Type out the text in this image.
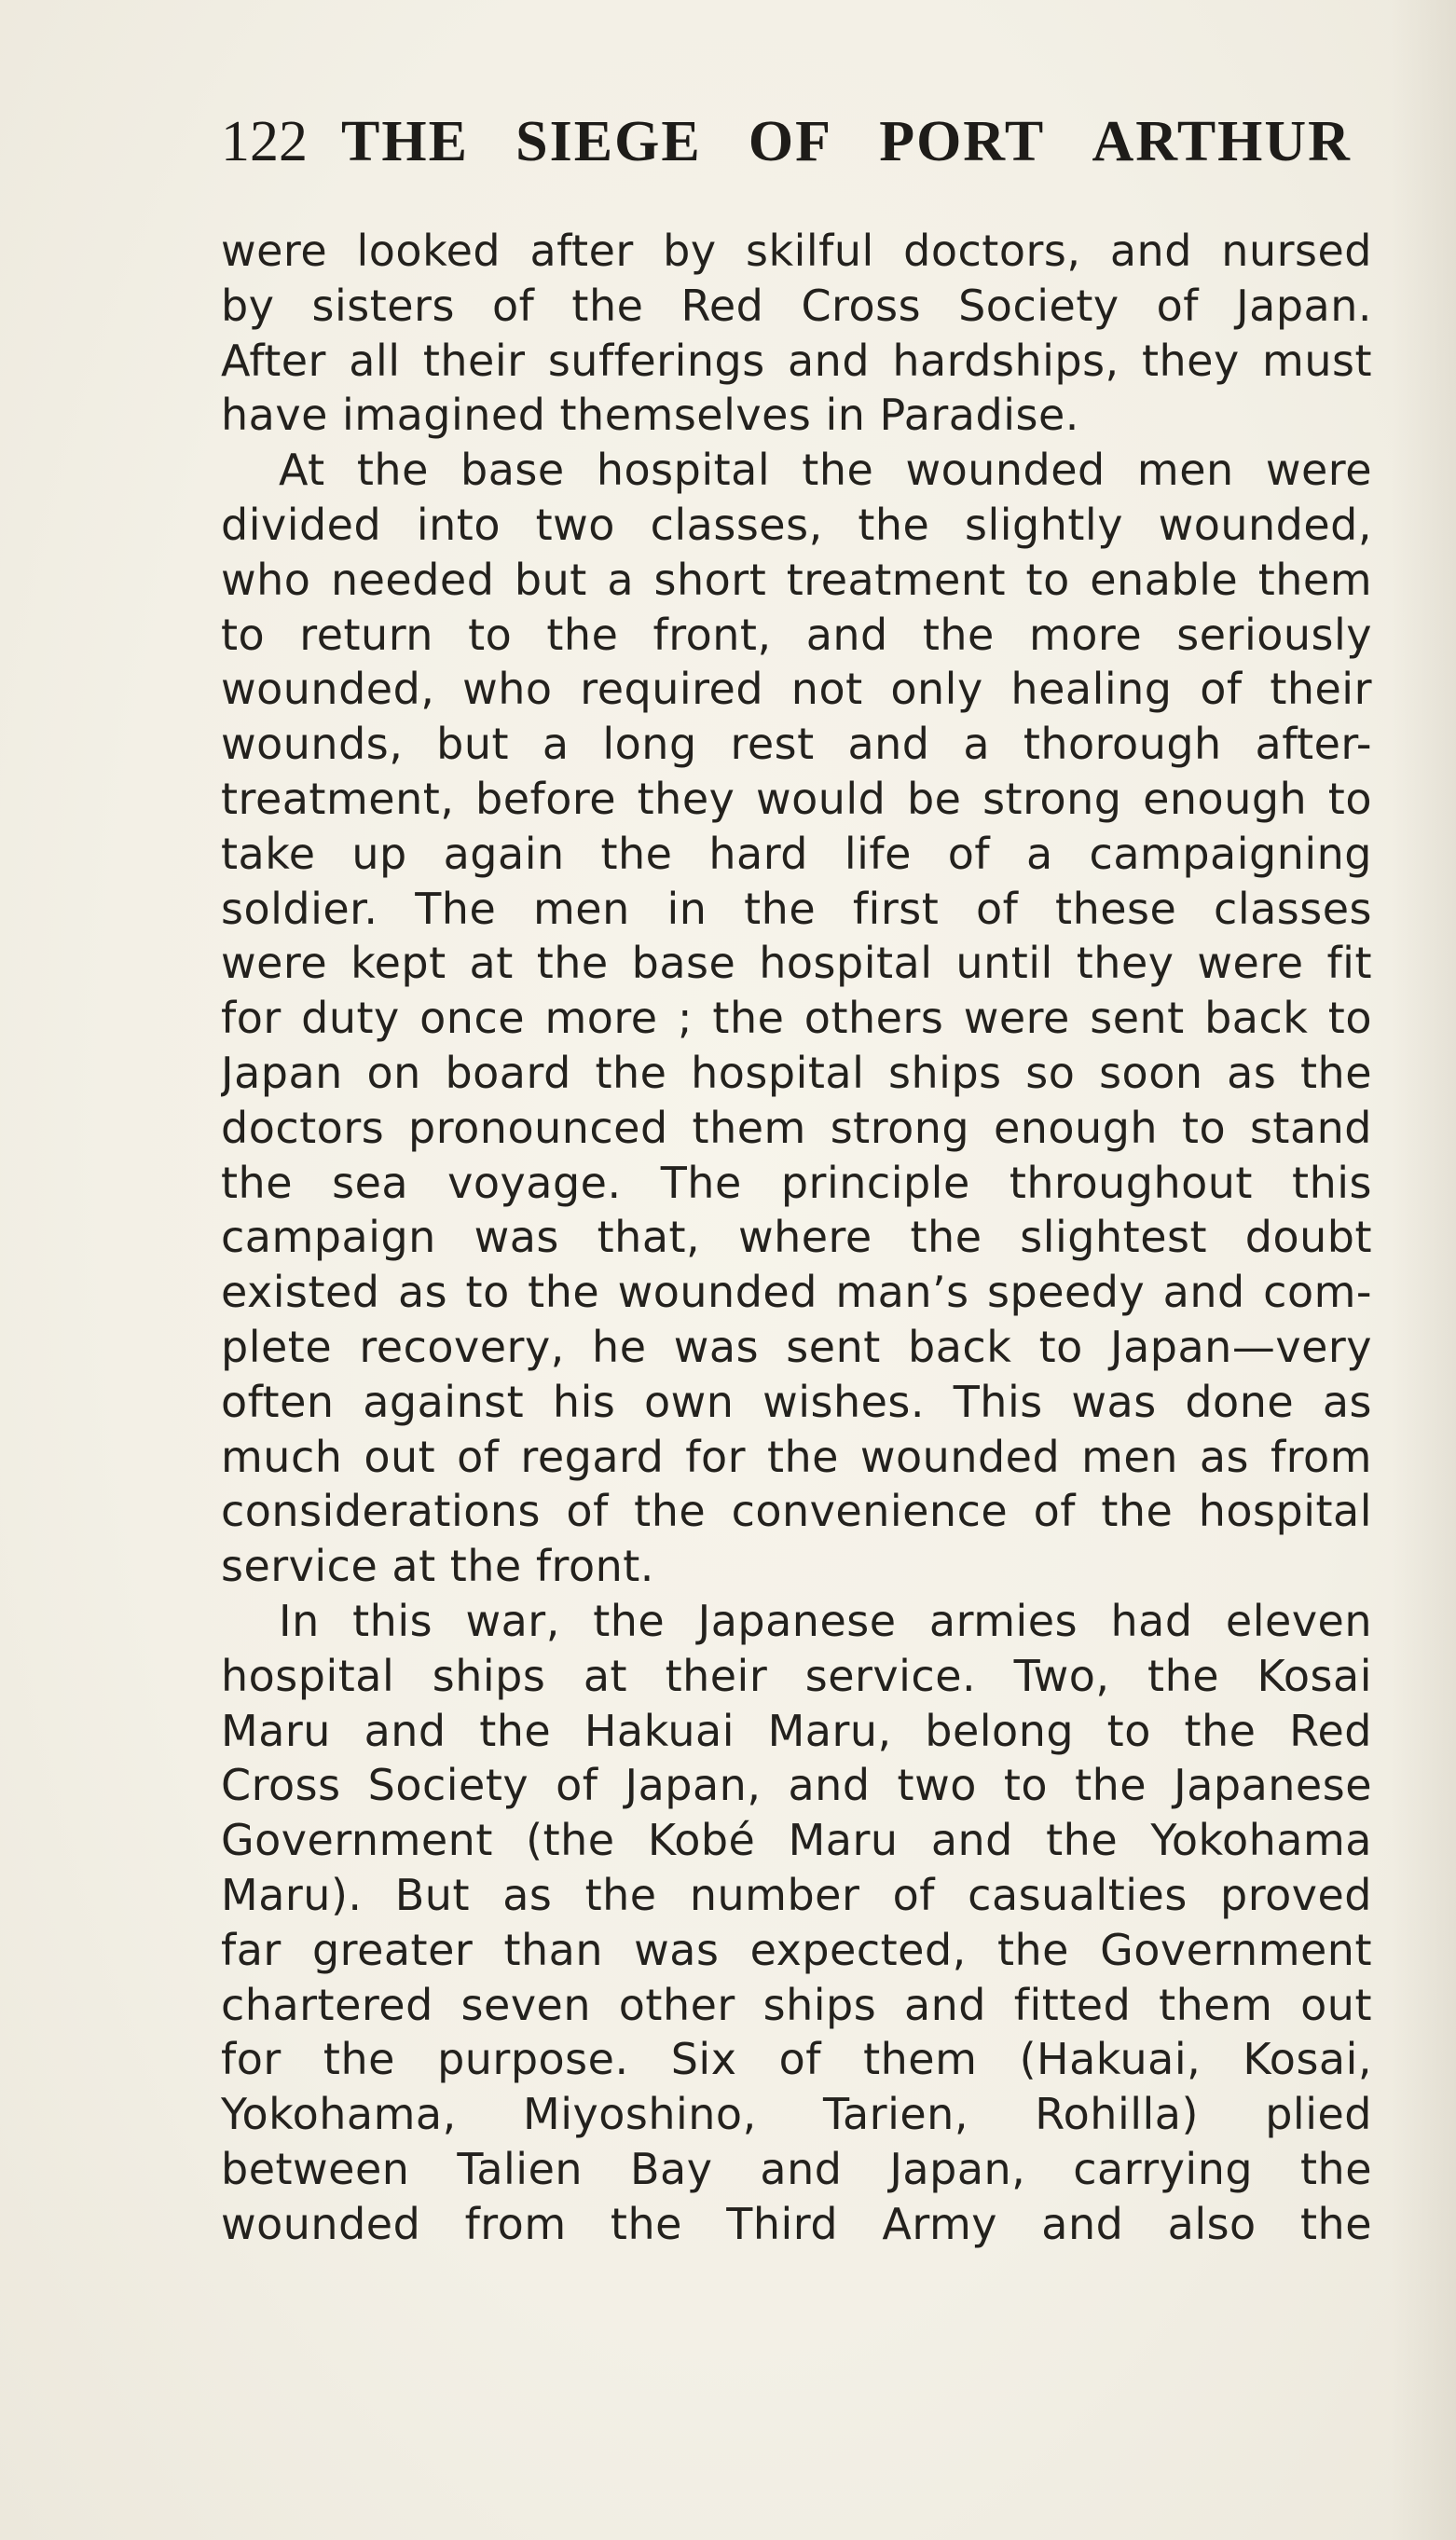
122 THE SIEGE OF PORT ARTHUR
were looked after by skilful doctors, and nursed
by sisters of the Red Cross Society of Japan.
After all their sufferings and hardships, they must
have imagined themselves in Paradise.
At the base hospital the wounded men were
divided into two classes, the slightly wounded,
who needed but a short treatment to enable them
to return to the front, and the more seriously
wounded, who required not only healing of their
wounds, but a long rest and a thorough after-
treatment, before they would be strong enough to
take up again the hard life of a campaigning
soldier. The men in the first of these classes
were kept at the base hospital until they were fit
for duty once more ; the others were sent back to
Japan on board the hospital ships so soon as the
doctors pronounced them strong enough to stand
the sea voyage. The principle throughout this
campaign was that, where the slightest doubt
existed as to the wounded man’s speedy and com-
plete recovery, he was sent back to Japan—very
often against his own wishes. This was done as
much out of regard for the wounded men as from
considerations of the convenience of the hospital
service at the front.
In this war, the Japanese armies had eleven
hospital ships at their service. Two, the Kosai
Maru and the Hakuai Maru, belong to the Red
Cross Society of Japan, and two to the Japanese
Government (the Kobé Maru and the Yokohama
Maru). But as the number of casualties proved
far greater than was expected, the Government
chartered seven other ships and fitted them out
for the purpose. Six of them (Hakuai, Kosai,
Yokohama, Miyoshino, Tarien, Rohilla) plied
between Talien Bay and Japan, carrying the
wounded from the Third Army and also the
